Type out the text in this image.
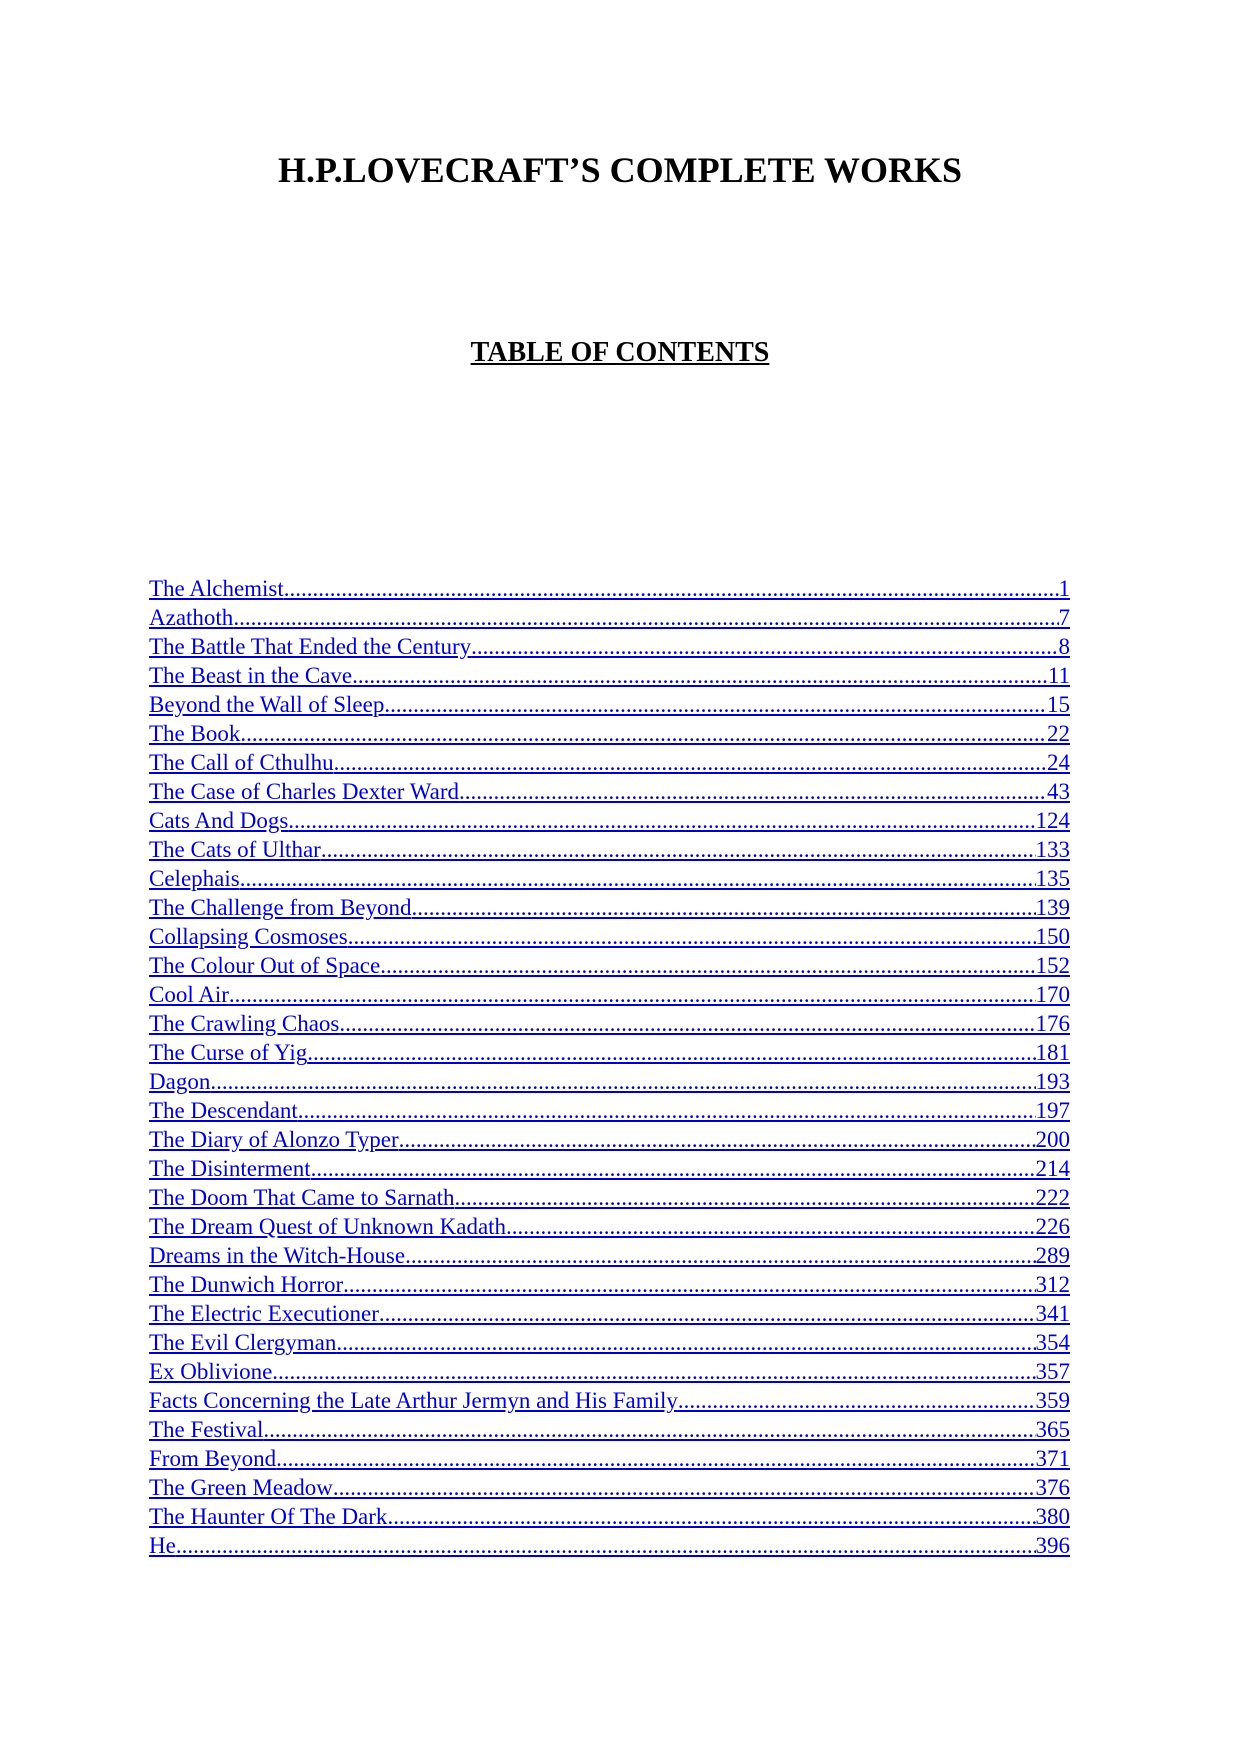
H.P.LOVECRAFT’S COMPLETE WORKS
TABLE OF CONTENTS
The Alchemist .....	1
Azathoth .....	7
The Battle That Ended the Century .....	8
The Beast in the Cave .....	11
Beyond the Wall of Sleep .....	15
The Book .....	22
The Call of Cthulhu .....	24
The Case of Charles Dexter Ward .....	43
Cats And Dogs .....	124
The Cats of Ulthar .....	133
Celephais .....	135
The Challenge from Beyond .....	139
Collapsing Cosmoses .....	150
The Colour Out of Space .....	152
Cool Air .....	170
The Crawling Chaos .....	176
The Curse of Yig .....	181
Dagon .....	193
The Descendant .....	197
The Diary of Alonzo Typer .....	200
The Disinterment .....	214
The Doom That Came to Sarnath .....	222
The Dream Quest of Unknown Kadath .....	226
Dreams in the Witch-House .....	289
The Dunwich Horror .....	312
The Electric Executioner .....	341
The Evil Clergyman .....	354
Ex Oblivione .....	357
Facts Concerning the Late Arthur Jermyn and His Family .....	359
The Festival .....	365
From Beyond .....	371
The Green Meadow .....	376
The Haunter Of The Dark .....	380
He .....	396
